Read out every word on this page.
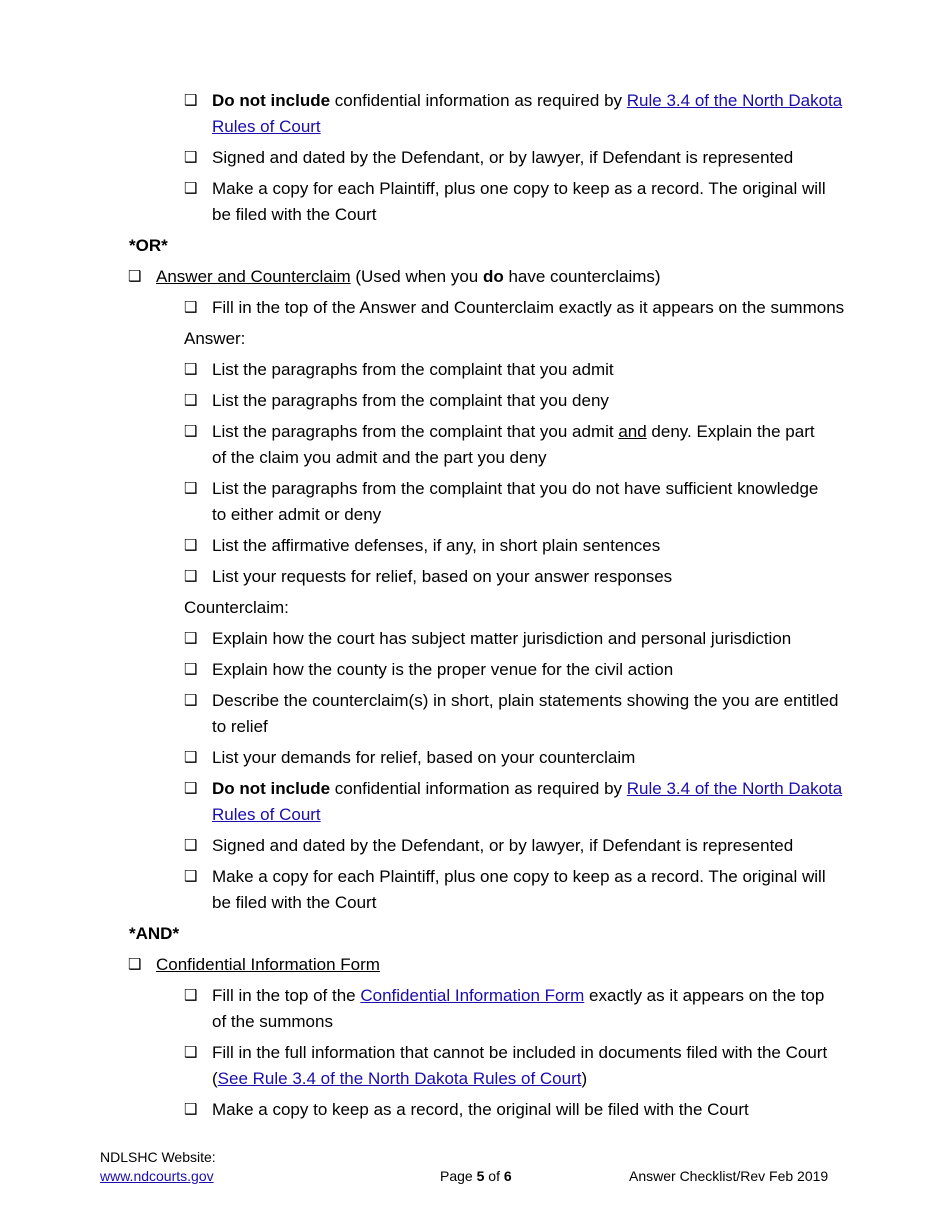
❑ Do not include confidential information as required by Rule 3.4 of the North Dakota
Rules of Court
❑ Signed and dated by the Defendant, or by lawyer, if Defendant is represented
❑ Make a copy for each Plaintiff, plus one copy to keep as a record. The original will
be filed with the Court
*OR*
❑ Answer and Counterclaim (Used when you do have counterclaims)
❑ Fill in the top of the Answer and Counterclaim exactly as it appears on the summons
Answer:
❑ List the paragraphs from the complaint that you admit
❑ List the paragraphs from the complaint that you deny
❑ List the paragraphs from the complaint that you admit and deny. Explain the part
of the claim you admit and the part you deny
❑ List the paragraphs from the complaint that you do not have sufficient knowledge
to either admit or deny
❑ List the affirmative defenses, if any, in short plain sentences
❑ List your requests for relief, based on your answer responses
Counterclaim:
❑ Explain how the court has subject matter jurisdiction and personal jurisdiction
❑ Explain how the county is the proper venue for the civil action
❑ Describe the counterclaim(s) in short, plain statements showing the you are entitled
to relief
❑ List your demands for relief, based on your counterclaim
❑ Do not include confidential information as required by Rule 3.4 of the North Dakota
Rules of Court
❑ Signed and dated by the Defendant, or by lawyer, if Defendant is represented
❑ Make a copy for each Plaintiff, plus one copy to keep as a record. The original will
be filed with the Court
*AND*
❑ Confidential Information Form
❑ Fill in the top of the Confidential Information Form exactly as it appears on the top
of the summons
❑ Fill in the full information that cannot be included in documents filed with the Court
(See Rule 3.4 of the North Dakota Rules of Court)
❑ Make a copy to keep as a record, the original will be filed with the Court
NDLSHC Website:
www.ndcourts.gov	Page 5 of 6	Answer Checklist/Rev Feb 2019
